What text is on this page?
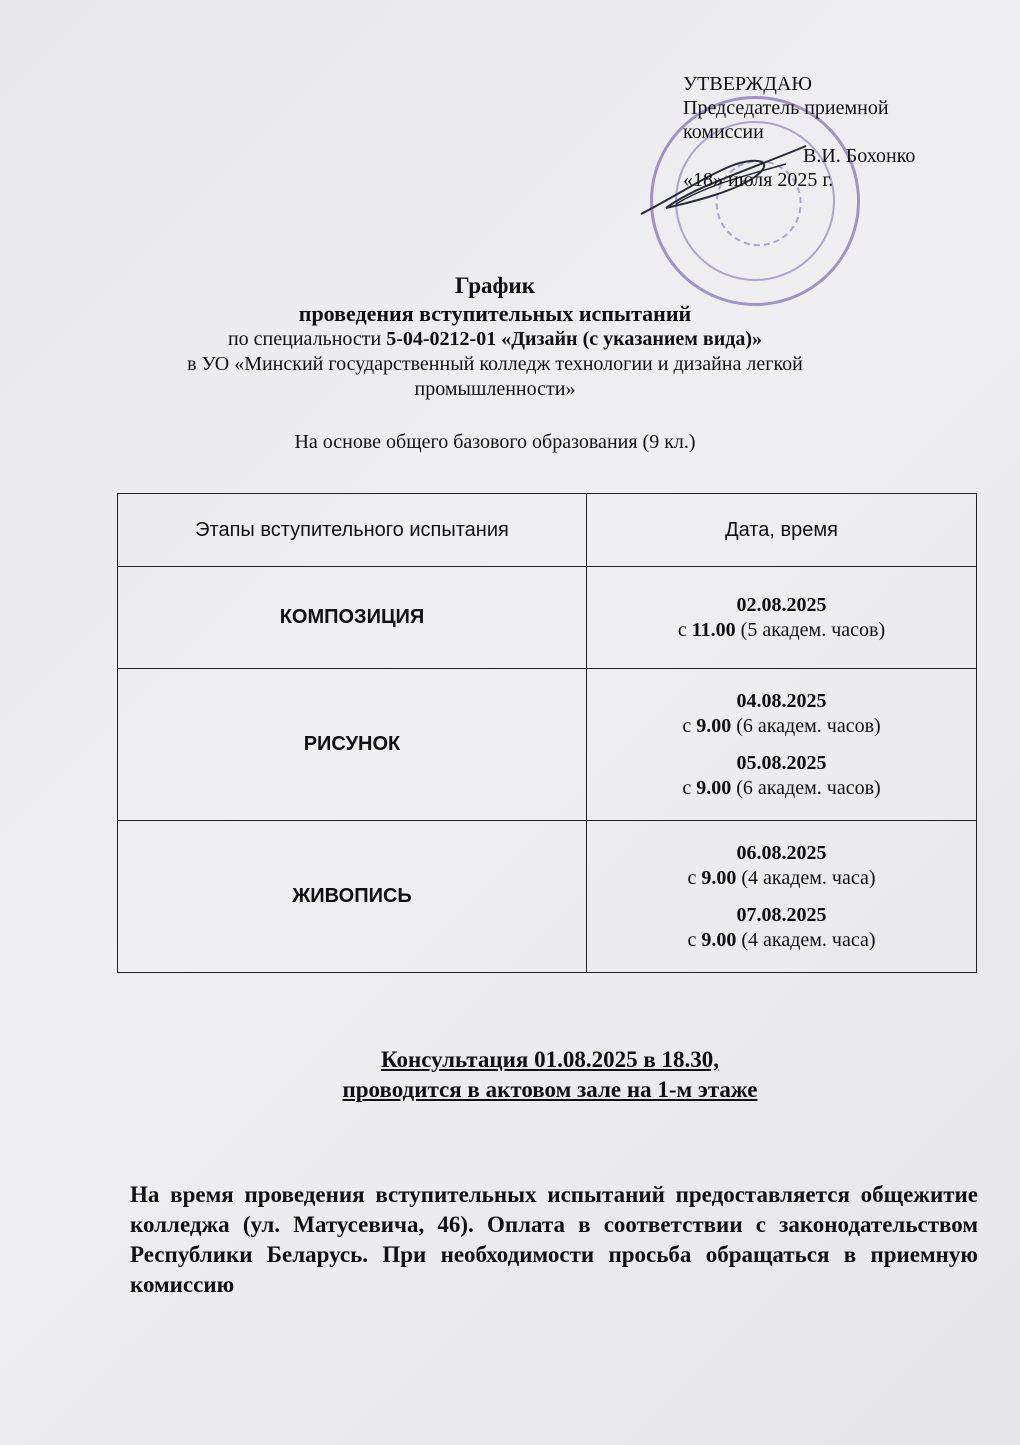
УТВЕРЖДАЮ
Председатель приемной
комиссии
В.И. Бохонко
«18» июля 2025 г.
График
проведения вступительных испытаний
по специальности 5-04-0212-01 «Дизайн (с указанием вида)»
в УО «Минский государственный колледж технологии и дизайна легкой
промышленности»
На основе общего базового образования (9 кл.)
Этапы вступительного испытания	Дата, время
КОМПОЗИЦИЯ	02.08.2025
с 11.00 (5 академ. часов)

РИСУНОК	04.08.2025
с 9.00 (6 академ. часов)
05.08.2025
с 9.00 (6 академ. часов)

ЖИВОПИСЬ	06.08.2025
с 9.00 (4 академ. часа)
07.08.2025
с 9.00 (4 академ. часа)
Консультация 01.08.2025 в 18.30,
проводится в актовом зале на 1-м этаже
На время проведения вступительных испытаний предоставляется общежитие колледжа (ул. Матусевича, 46). Оплата в соответствии с законодательством Республики Беларусь. При необходимости просьба обращаться в приемную комиссию
